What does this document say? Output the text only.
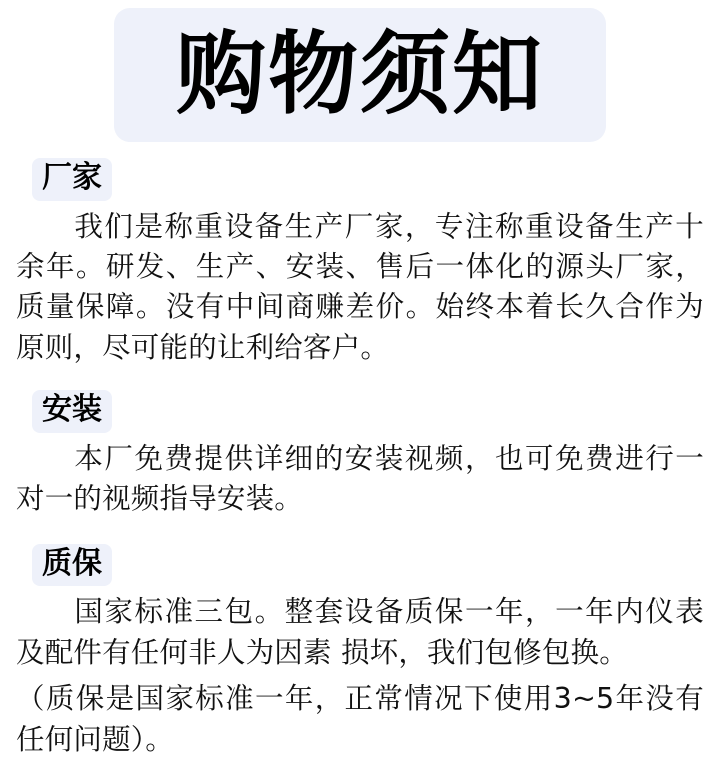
购物须知
厂家
我们是称重设备生产厂家，专注称重设备生产十余年。研发、生产、安装、售后一体化的源头厂家，质量保障。没有中间商赚差价。始终本着长久合作为原则，尽可能的让利给客户。
安装
本厂免费提供详细的安装视频，也可免费进行一对一的视频指导安装。
质保
国家标准三包。整套设备质保一年，一年内仪表及配件有任何非人为因素 损坏，我们包修包换。
（质保是国家标准一年，正常情况下使用3~5年没有任何问题）。
